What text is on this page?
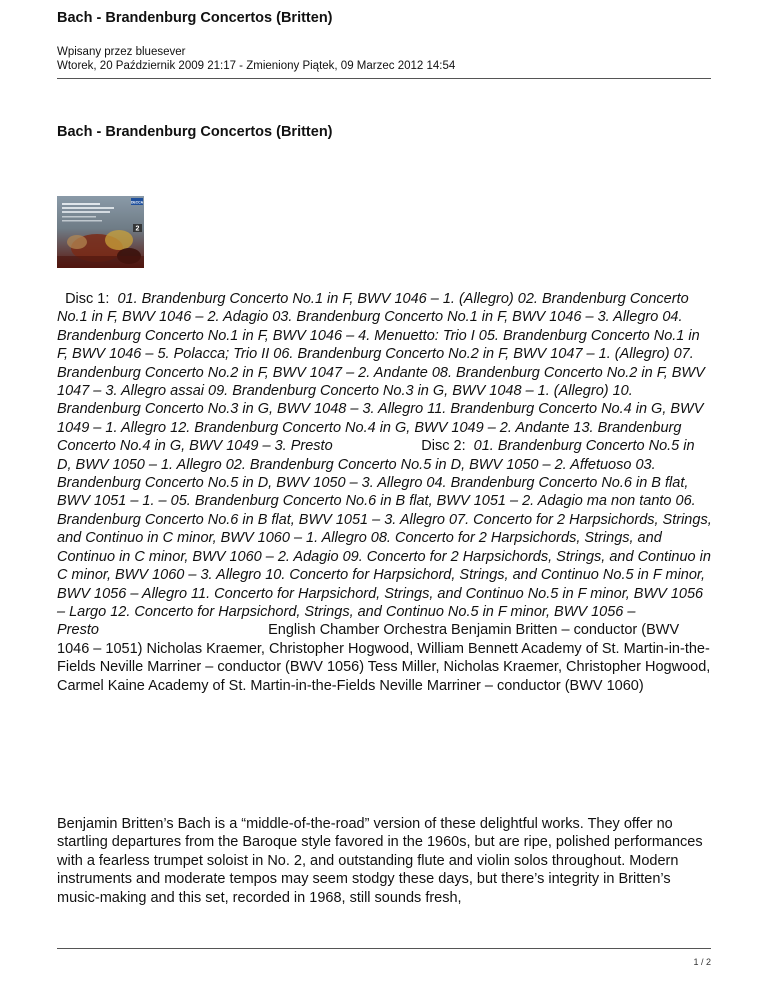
Bach - Brandenburg Concertos (Britten)
Wpisany przez bluesever
Wtorek, 20 Październik 2009 21:17 - Zmieniony Piątek, 09 Marzec 2012 14:54
Bach - Brandenburg Concertos (Britten)
DECCA
2

Disc 1: 01. Brandenburg Concerto No.1 in F, BWV 1046 – 1. (Allegro) 02. Brandenburg Concerto No.1 in F, BWV 1046 – 2. Adagio 03. Brandenburg Concerto No.1 in F, BWV 1046 – 3. Allegro 04. Brandenburg Concerto No.1 in F, BWV 1046 – 4. Menuetto: Trio I 05. Brandenburg Concerto No.1 in F, BWV 1046 – 5. Polacca; Trio II 06. Brandenburg Concerto No.2 in F, BWV 1047 – 1. (Allegro) 07. Brandenburg Concerto No.2 in F, BWV 1047 – 2. Andante 08. Brandenburg Concerto No.2 in F, BWV 1047 – 3. Allegro assai 09. Brandenburg Concerto No.3 in G, BWV 1048 – 1. (Allegro) 10. Brandenburg Concerto No.3 in G, BWV 1048 – 3. Allegro 11. Brandenburg Concerto No.4 in G, BWV 1049 – 1. Allegro 12. Brandenburg Concerto No.4 in G, BWV 1049 – 2. Andante 13. Brandenburg Concerto No.4 in G, BWV 1049 – 3. Presto	Disc 2: 01. Brandenburg Concerto No.5 in D, BWV 1050 – 1. Allegro 02. Brandenburg Concerto No.5 in D, BWV 1050 – 2. Affetuoso 03. Brandenburg Concerto No.5 in D, BWV 1050 – 3. Allegro 04. Brandenburg Concerto No.6 in B flat, BWV 1051 – 1. – 05. Brandenburg Concerto No.6 in B flat, BWV 1051 – 2. Adagio ma non tanto 06. Brandenburg Concerto No.6 in B flat, BWV 1051 – 3. Allegro 07. Concerto for 2 Harpsichords, Strings, and Continuo in C minor, BWV 1060 – 1. Allegro 08. Concerto for 2 Harpsichords, Strings, and Continuo in C minor, BWV 1060 – 2. Adagio 09. Concerto for 2 Harpsichords, Strings, and Continuo in C minor, BWV 1060 – 3. Allegro 10. Concerto for Harpsichord, Strings, and Continuo No.5 in F minor, BWV 1056 – Allegro 11. Concerto for Harpsichord, Strings, and Continuo No.5 in F minor, BWV 1056 – Largo 12. Concerto for Harpsichord, Strings, and Continuo No.5 in F minor, BWV 1056 – Presto	English Chamber Orchestra Benjamin Britten – conductor (BWV 1046 – 1051) Nicholas Kraemer, Christopher Hogwood, William Bennett Academy of St. Martin-in-the-Fields Neville Marriner – conductor (BWV 1056) Tess Miller, Nicholas Kraemer, Christopher Hogwood, Carmel Kaine Academy of St. Martin-in-the-Fields Neville Marriner – conductor (BWV 1060)

Benjamin Britten’s Bach is a “middle-of-the-road” version of these delightful works. They offer no startling departures from the Baroque style favored in the 1960s, but are ripe, polished performances with a fearless trumpet soloist in No. 2, and outstanding flute and violin solos throughout. Modern instruments and moderate tempos may seem stodgy these days, but there’s integrity in Britten’s music-making and this set, recorded in 1968, still sounds fresh,

1 / 2
